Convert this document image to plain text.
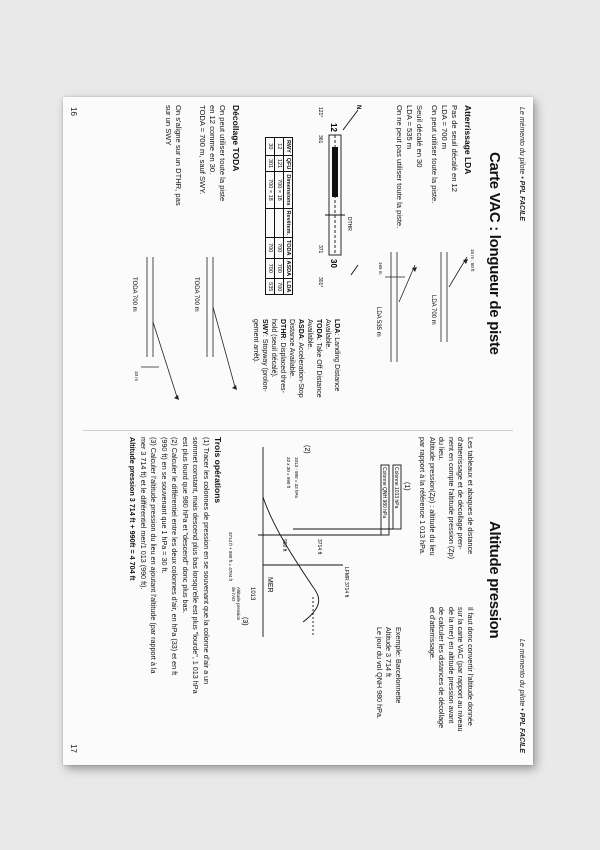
Le mémento du pilote • PPL FACILE
Carte VAC : longueur de piste
Atterrissage LDA
Pas de seuil décalé en 12
LDA = 700 m
On peut utiliser toute la piste.
Seuil décalé en 30
LDA = 535 m
On ne peut pas utiliser toute la piste.
LDA 700 m
LDA 535 m
165 m	15 m : 50 ft
12
30
121°
301°
361
371
DTHR
N
RWY	QFU	Dimensions	Revêtem.	TODA	ASDA	LDA
12	121	700 × 18		700	700	700
30	301	700 × 18		700	700	535
LDA: Landing Distance
Available.
TODA: Take Off Distance
Available.
ASDA: Acceleration-Stop
Distance Available.
DTHR: Displaced thres-
hold (seuil décalé).
SWY: Stopway (prolon-
gement arrêt).
Décollage TODA
On peut utiliser toute la piste
en 12 comme en 30.
TODA = 700 m, sauf SWY.
On s'aligne sur un DTHR, pas
sur un SWY
TODA 700 m
TODA 700 m
10 m
16
Le mémento du pilote • PPL FACILE
Altitude pression
Les tableaux et abaques de distance
d'atterrissage et de décollage pren-
nent en compte l'altitude pression (Zp)
du lieu.
Altitude pression(Zp) : altitude du lieu
par rapport à la référence 1 013 hPa.
Il faut donc convertir l'altitude donnée
sur la carte VAC (par rapport au niveau
de la mer) en altitude pression avant
de calculer les distances de décollage
et d'atterrissage.
Exemple: Barcelonnette
Altitude 3 714 ft
Le jour du vol QNH 980 hPa.
Colonne 1013 hPa
Colonne QNH 980 hPa (1)
(2)
(3)
3714 ft
990 ft
1013 - 980 = 33 hPa
33 x 30 = 990 ft
MER
1013	LFMR 3714 ft
Altitude pression
de l'AD
3714 ft + 990 ft = 4704 ft
Trois opérations
(1) Tracer les colonnes de pression en se souvenant que la colonne d'air a un
sommet constant, mais descend plus bas lorsqu'elle est plus "lourde", 1 013 hPa
est plus lourd que 980 hPa et "descend" donc plus bas.
(2) Calculer le différentiel entre les deux colonnes d'air, en hPa (33) et en ft
(990 ft) en se souvenant que 1 hPa = 30 ft.
(3) Calculer l'altitude pression du lieu en ajoutant l'altitude (par rapport à la
mer 3 714 ft) et le différentiel mer/1 013 (990 ft).
Altitude pression 3 714 ft + 990ft = 4 704 ft
17
